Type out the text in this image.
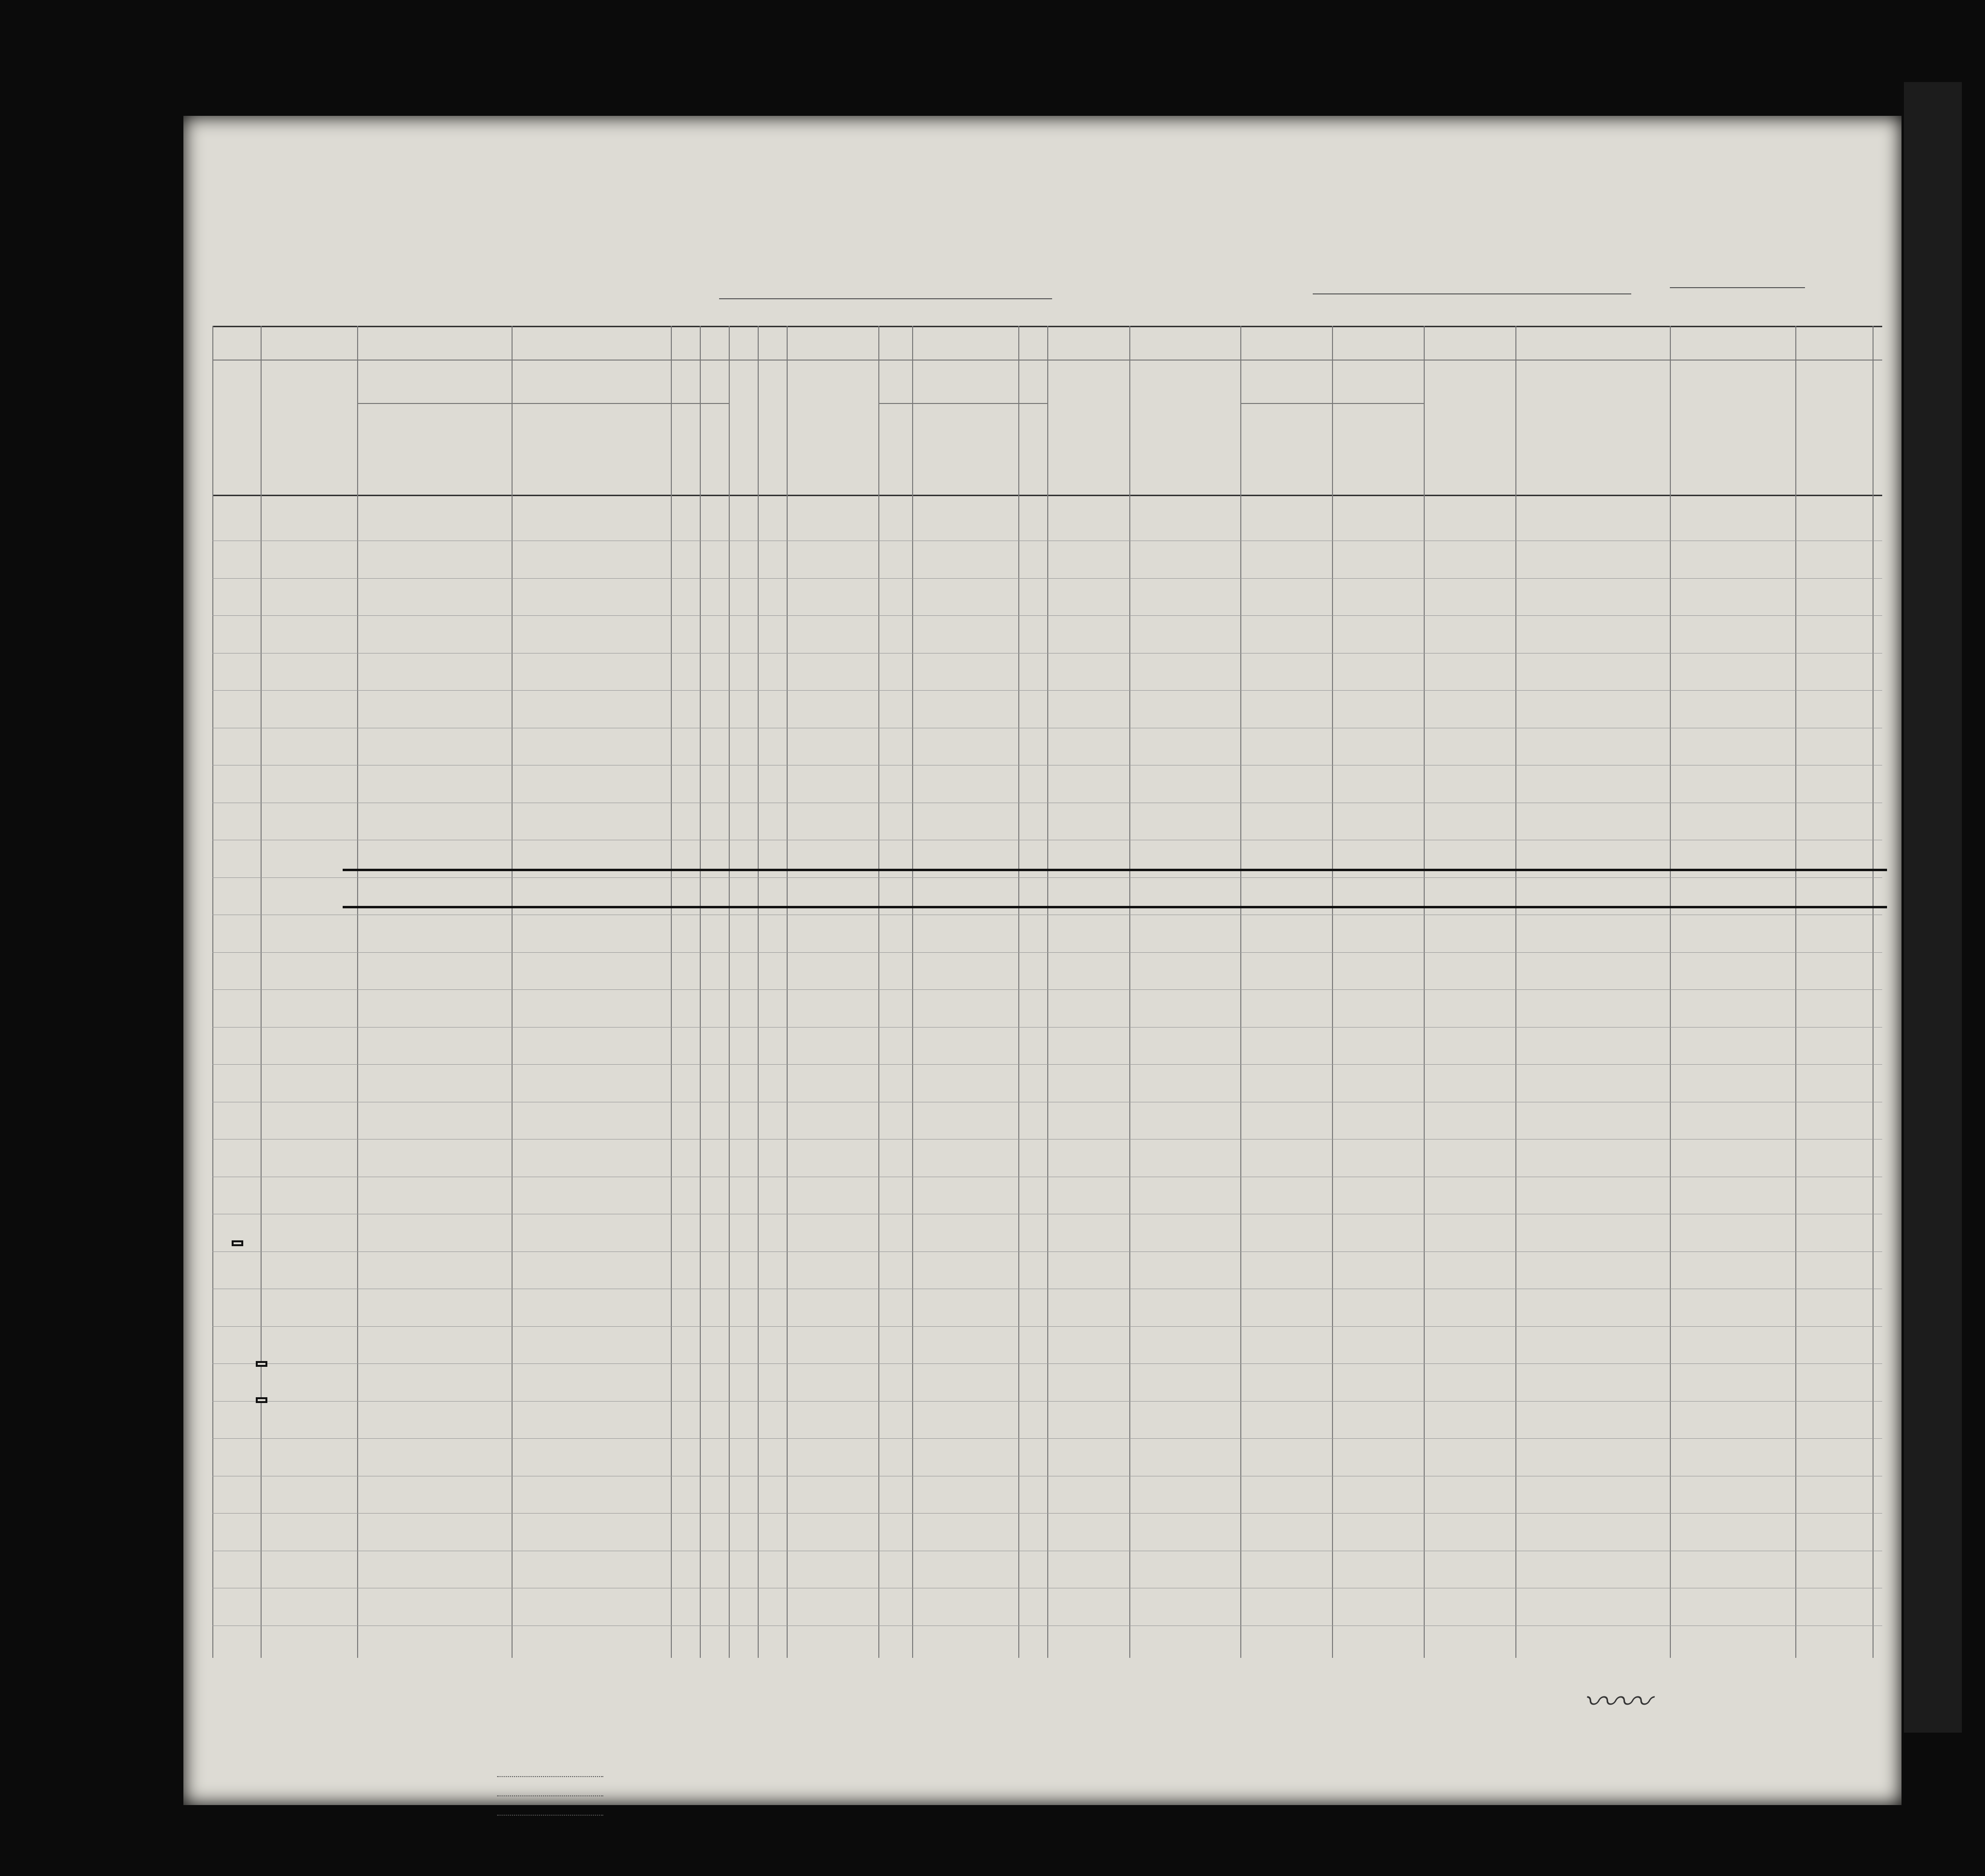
〰〰
